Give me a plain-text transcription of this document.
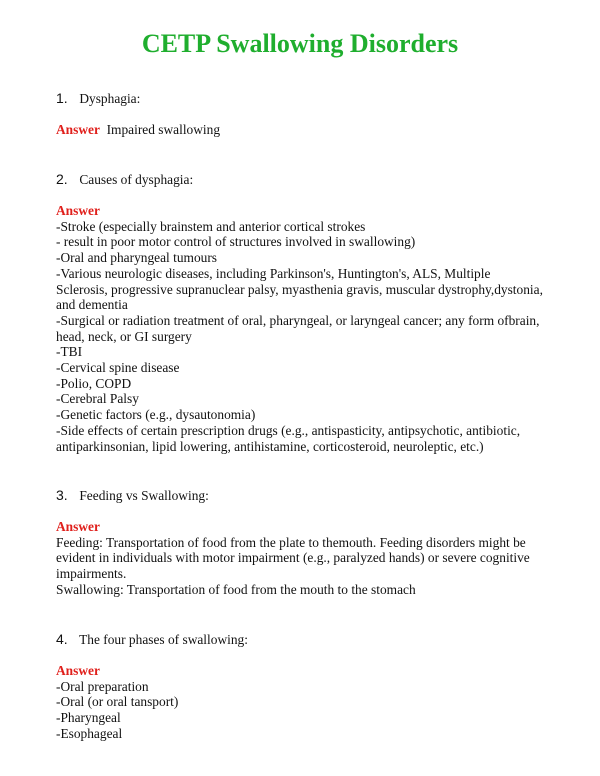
CETP Swallowing Disorders
1. Dysphagia:
Answer Impaired swallowing
2. Causes of dysphagia:
Answer
-Stroke (especially brainstem and anterior cortical strokes
- result in poor motor control of structures involved in swallowing)
-Oral and pharyngeal tumours
-Various neurologic diseases, including Parkinson's, Huntington's, ALS, Multiple
Sclerosis, progressive supranuclear palsy, myasthenia gravis, muscular dystrophy,dystonia,
and dementia
-Surgical or radiation treatment of oral, pharyngeal, or laryngeal cancer; any form ofbrain,
head, neck, or GI surgery
-TBI
-Cervical spine disease
-Polio, COPD
-Cerebral Palsy
-Genetic factors (e.g., dysautonomia)
-Side effects of certain prescription drugs (e.g., antispasticity, antipsychotic, antibiotic,
antiparkinsonian, lipid lowering, antihistamine, corticosteroid, neuroleptic, etc.)
3. Feeding vs Swallowing:
Answer
Feeding: Transportation of food from the plate to themouth. Feeding disorders might be
evident in individuals with motor impairment (e.g., paralyzed hands) or severe cognitive
impairments.
Swallowing: Transportation of food from the mouth to the stomach
4. The four phases of swallowing:
Answer
-Oral preparation
-Oral (or oral tansport)
-Pharyngeal
-Esophageal
